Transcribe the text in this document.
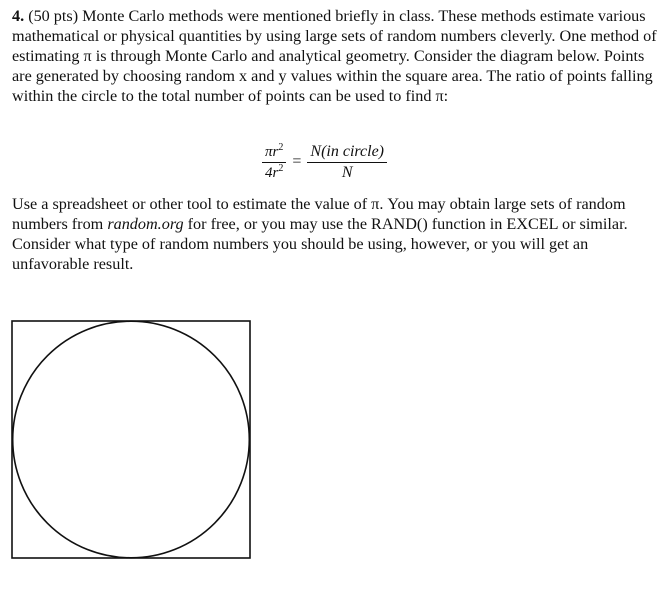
4. (50 pts) Monte Carlo methods were mentioned briefly in class. These methods estimate various mathematical or physical quantities by using large sets of random numbers cleverly. One method of estimating π is through Monte Carlo and analytical geometry. Consider the diagram below. Points are generated by choosing random x and y values within the square area. The ratio of points falling within the circle to the total number of points can be used to find π:

$\frac{\pi r^2}{4r^2} = \frac{\text{N(in circle)}}{N}$

Use a spreadsheet or other tool to estimate the value of π. You may obtain large sets of random numbers from random.org for free, or you may use the RAND() function in EXCEL or similar. Consider what type of random numbers you should be using, however, or you will get an unfavorable result.
